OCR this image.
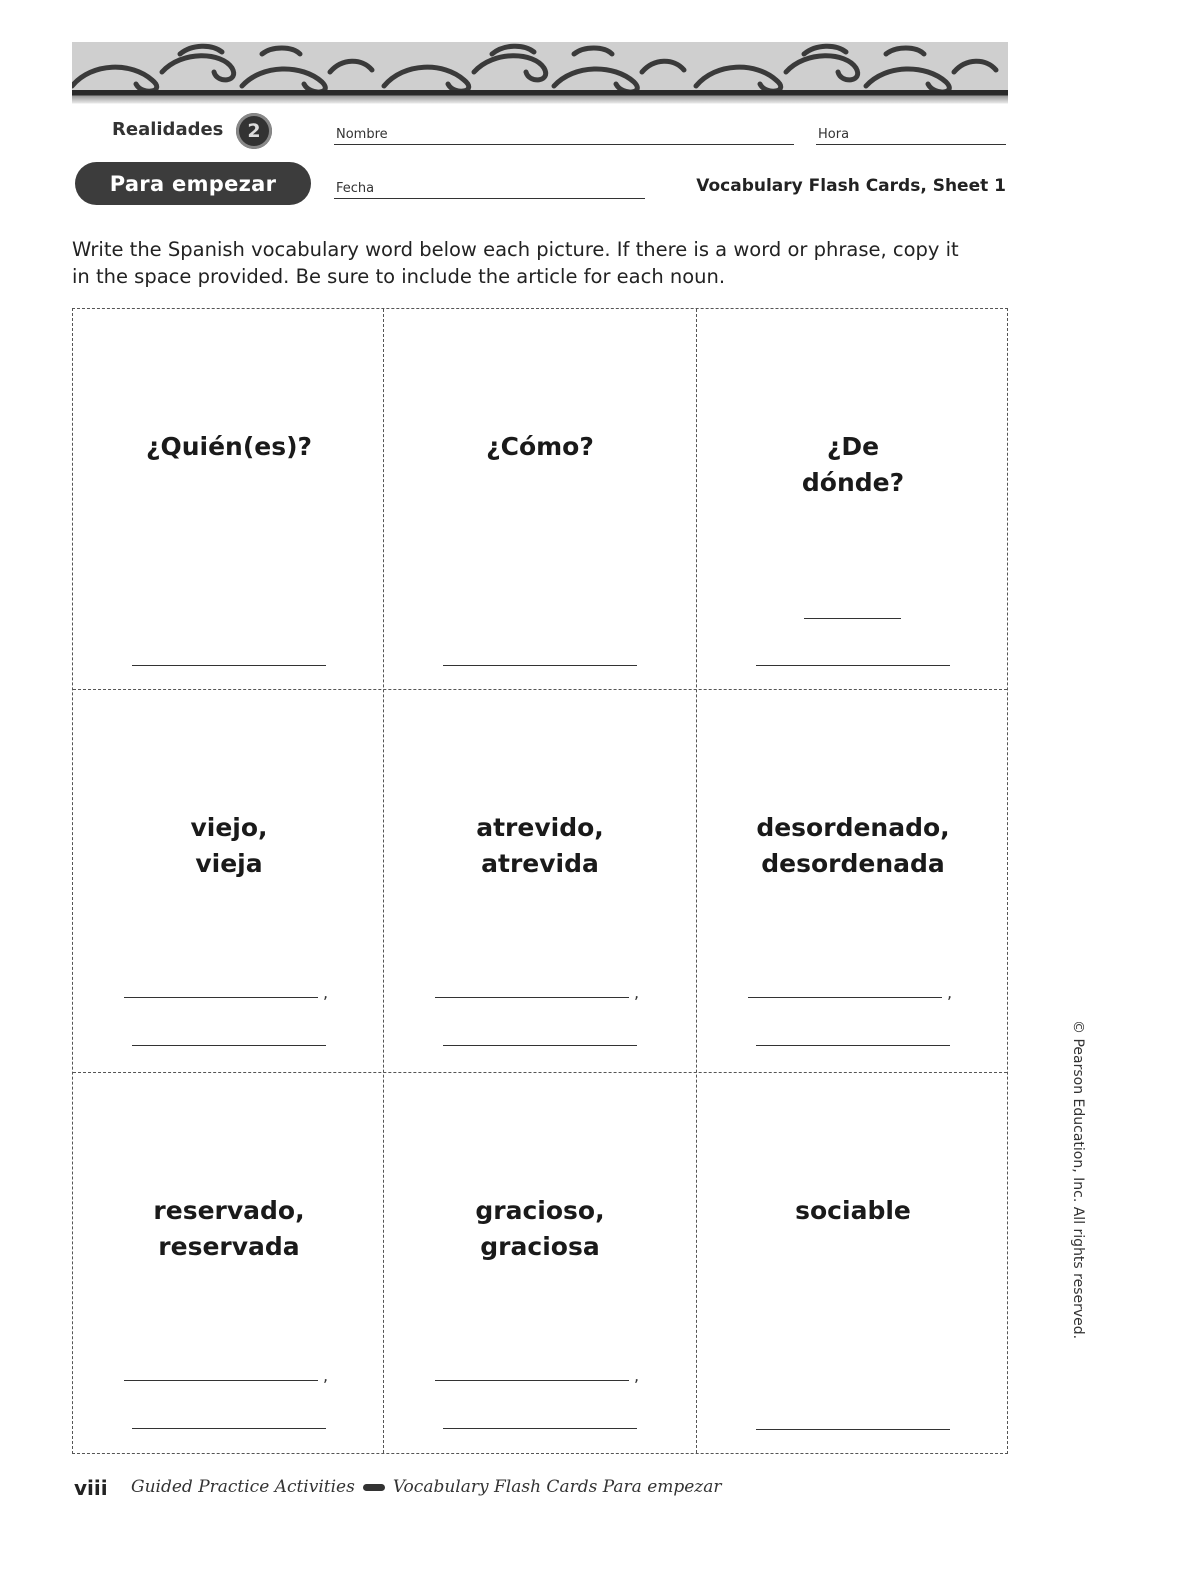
Realidades	2	Nombre	Hora
Fecha
Para empezar	Vocabulary Flash Cards, Sheet 1
Write the Spanish vocabulary word below each picture. If there is a word or phrase, copy it in the space provided. Be sure to include the article for each noun.
¿Quién(es)?	¿Cómo?	¿De
dónde?
viejo,
vieja
,
atrevido,
atrevida
,
desordenado,
desordenada
,
reservado,
reservada
,
gracioso,
graciosa
,
sociable
viii Guided Practice Activities Vocabulary Flash Cards Para empezar
© Pearson Education, Inc. All rights reserved.
